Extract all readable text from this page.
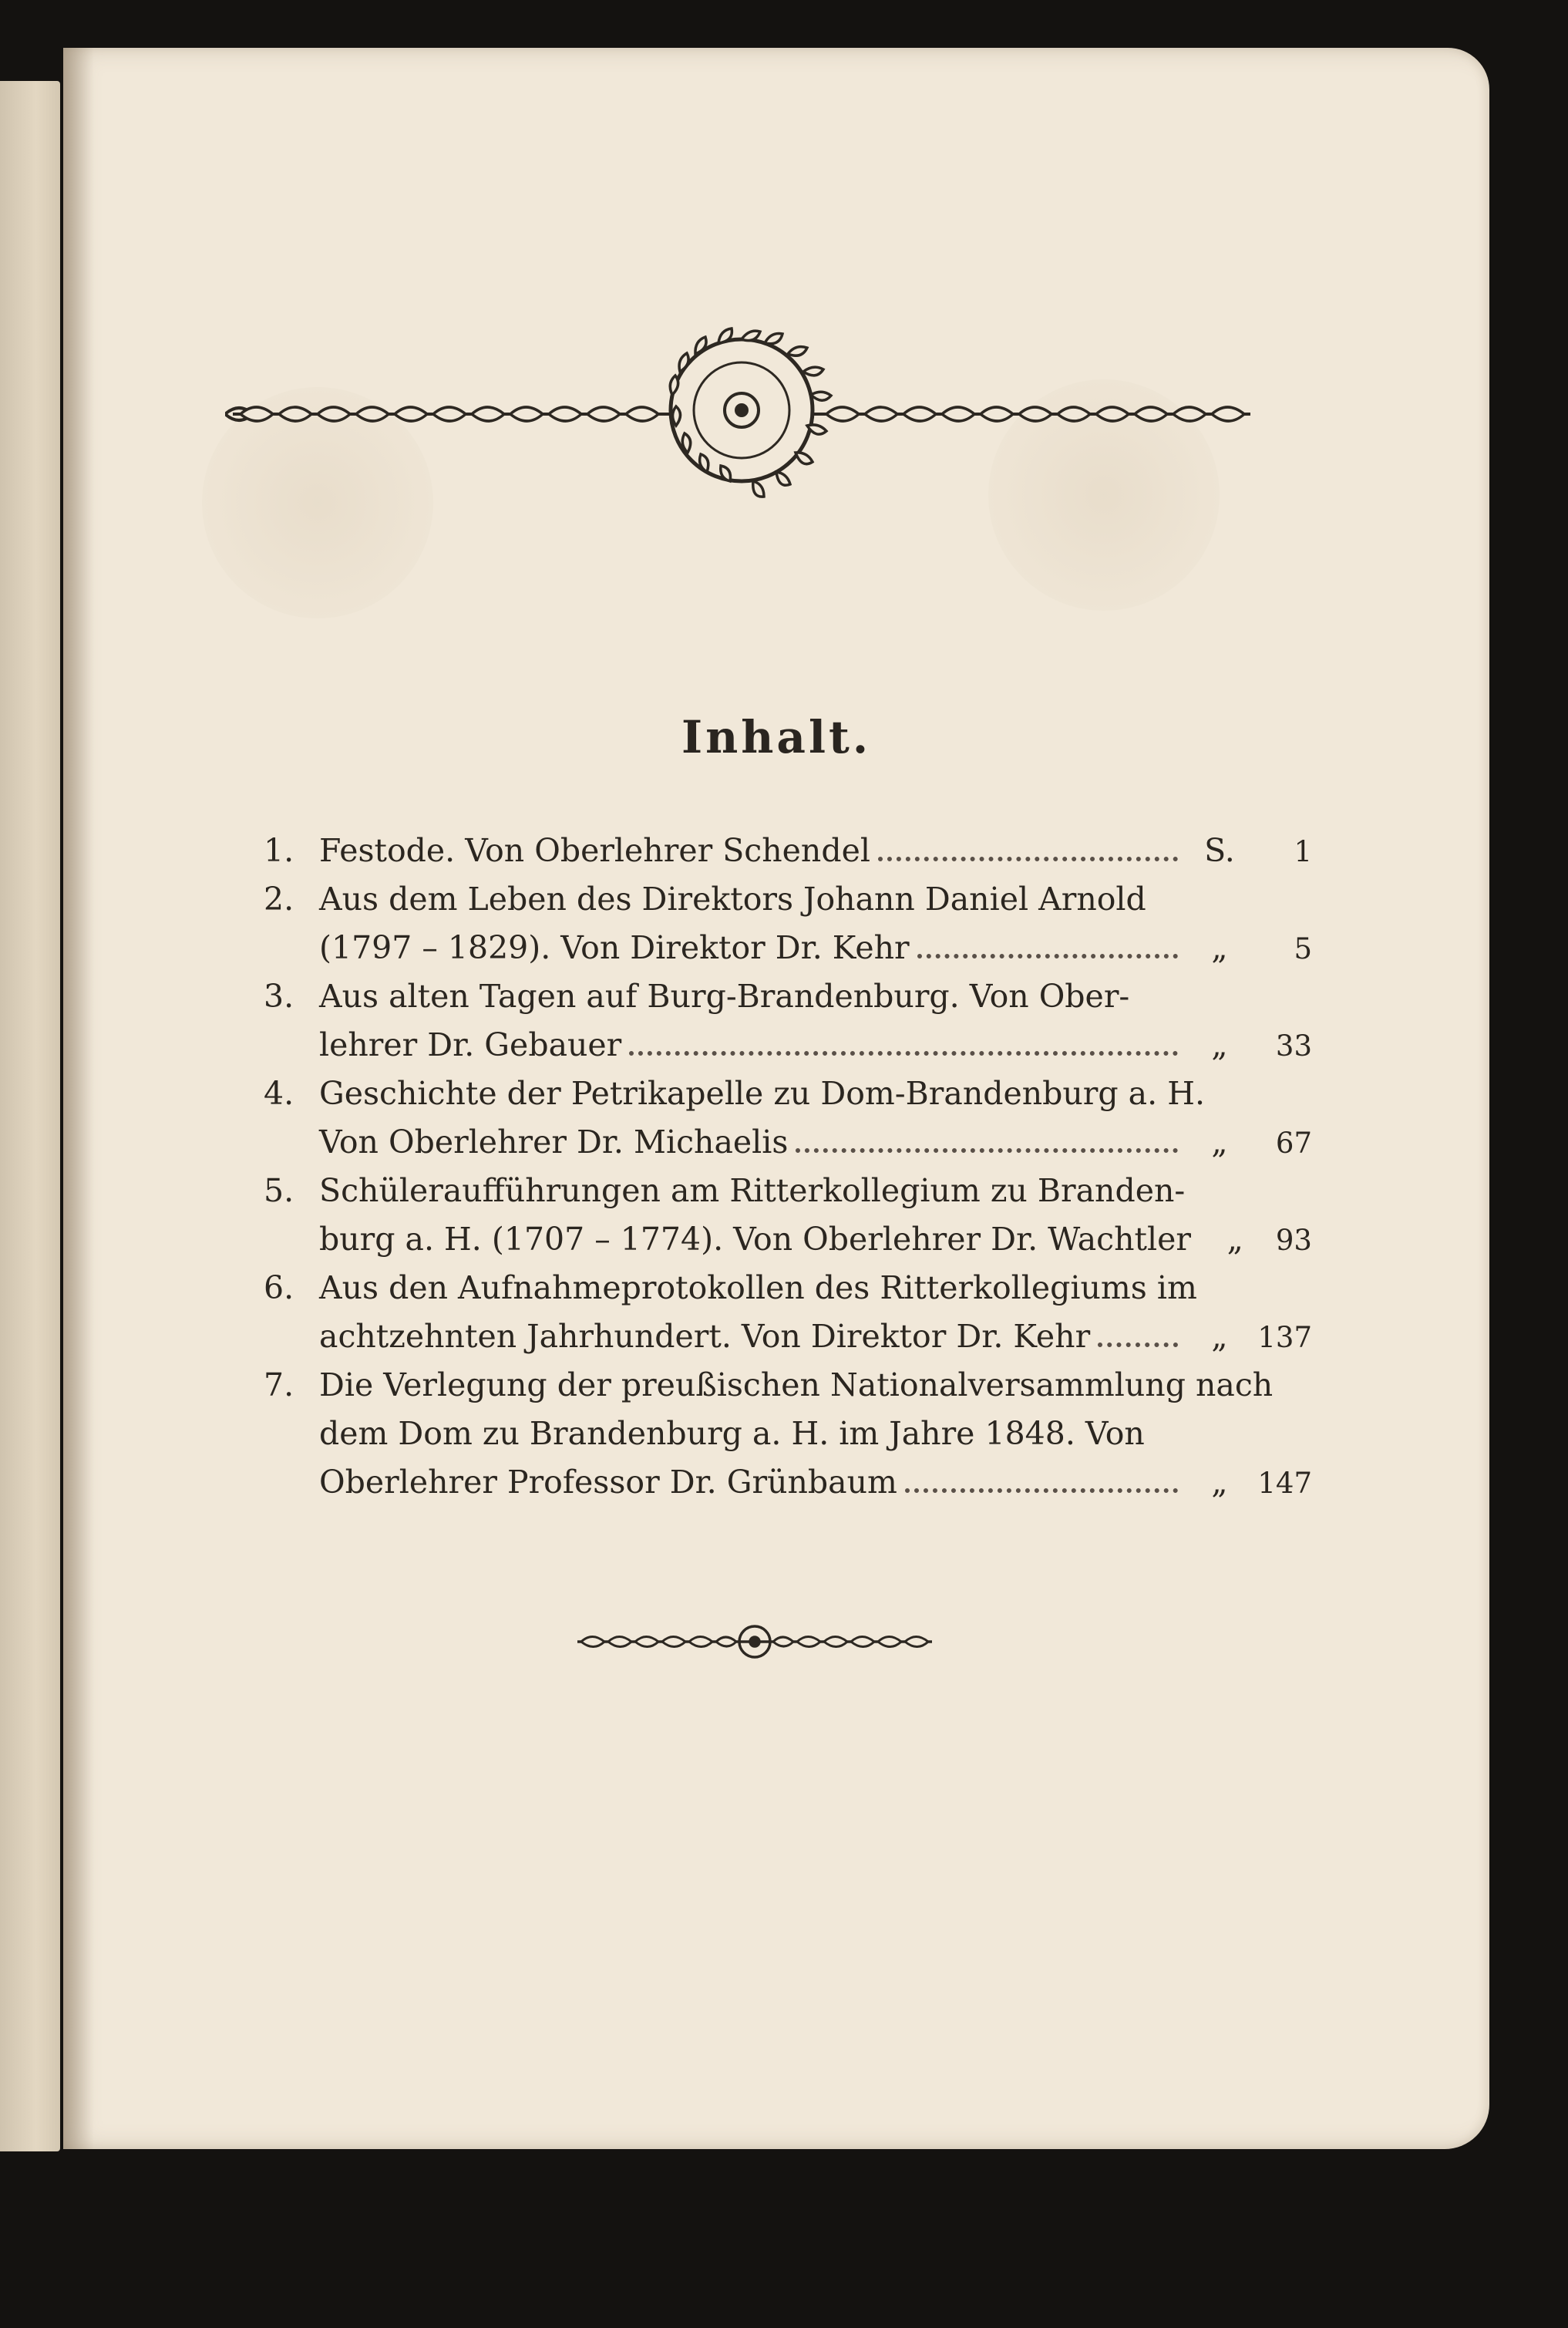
Inhalt.
1. Festode. Von Oberlehrer Schendel	S.	1
2. Aus dem Leben des Direktors Johann Daniel Arnold
(1797 – 1829). Von Direktor Dr. Kehr	„	5
3. Aus alten Tagen auf Burg-Brandenburg. Von Ober-
lehrer Dr. Gebauer	„	33
4. Geschichte der Petrikapelle zu Dom-Brandenburg a. H.
Von Oberlehrer Dr. Michaelis	„	67
5. Schüleraufführungen am Ritterkollegium zu Branden-
burg a. H. (1707 – 1774). Von Oberlehrer Dr. Wachtler	„	93
6. Aus den Aufnahmeprotokollen des Ritterkollegiums im
achtzehnten Jahrhundert. Von Direktor Dr. Kehr	„	137
7. Die Verlegung der preußischen Nationalversammlung nach
dem Dom zu Brandenburg a. H. im Jahre 1848. Von
Oberlehrer Professor Dr. Grünbaum	„	147
